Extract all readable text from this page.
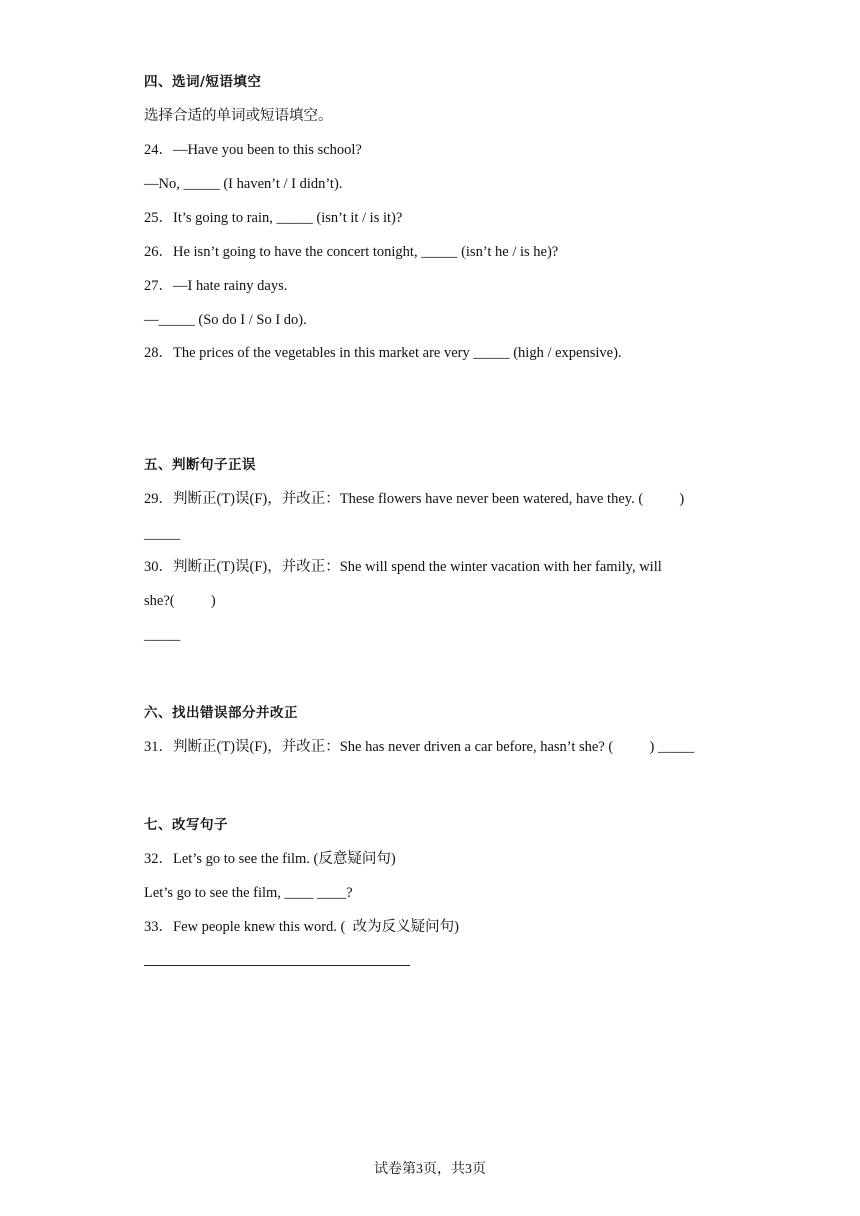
四、选词/短语填空
选择合适的单词或短语填空。
24．—Have you been to this school?
—No, _____ (I haven’t / I didn’t).
25．It’s going to rain, _____ (isn’t it / is it)?
26．He isn’t going to have the concert tonight, _____ (isn’t he / is he)?
27．—I hate rainy days.
—_____ (So do I / So I do).
28．The prices of the vegetables in this market are very _____ (high / expensive).
五、判断句子正误
29．判断正(T)误(F)，并改正：These flowers have never been watered, have they. (          )
_____
30．判断正(T)误(F)，并改正：She will spend the winter vacation with her family, will
she?(          )
_____
六、找出错误部分并改正
31．判断正(T)误(F)，并改正：She has never driven a car before, hasn’t she? (          ) _____
七、改写句子
32．Let’s go to see the film. (反意疑问句)
Let’s go to see the film, ____ ____?
33．Few people knew this word. (  改为反义疑问句)
试卷第3页，共3页
